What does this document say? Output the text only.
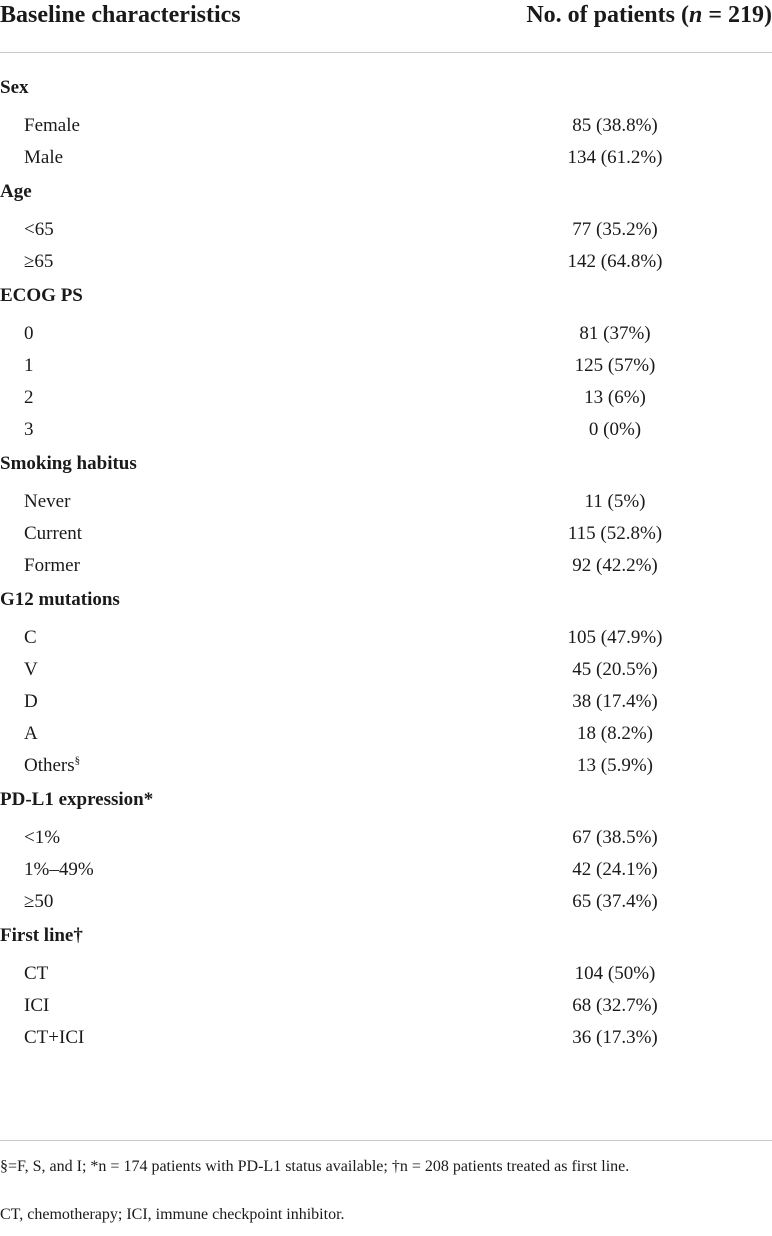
Baseline characteristics	No. of patients (n = 219)
Sex
Female	85 (38.8%)
Male	134 (61.2%)
Age
<65	77 (35.2%)
≥65	142 (64.8%)
ECOG PS
0	81 (37%)
1	125 (57%)
2	13 (6%)
3	0 (0%)
Smoking habitus
Never	11 (5%)
Current	115 (52.8%)
Former	92 (42.2%)
G12 mutations
C	105 (47.9%)
V	45 (20.5%)
D	38 (17.4%)
A	18 (8.2%)
Others§	13 (5.9%)
PD-L1 expression*
<1%	67 (38.5%)
1%–49%	42 (24.1%)
≥50	65 (37.4%)
First line†
CT	104 (50%)
ICI	68 (32.7%)
CT+ICI	36 (17.3%)
§=F, S, and I; *n = 174 patients with PD-L1 status available; †n = 208 patients treated as first line.
CT, chemotherapy; ICI, immune checkpoint inhibitor.
